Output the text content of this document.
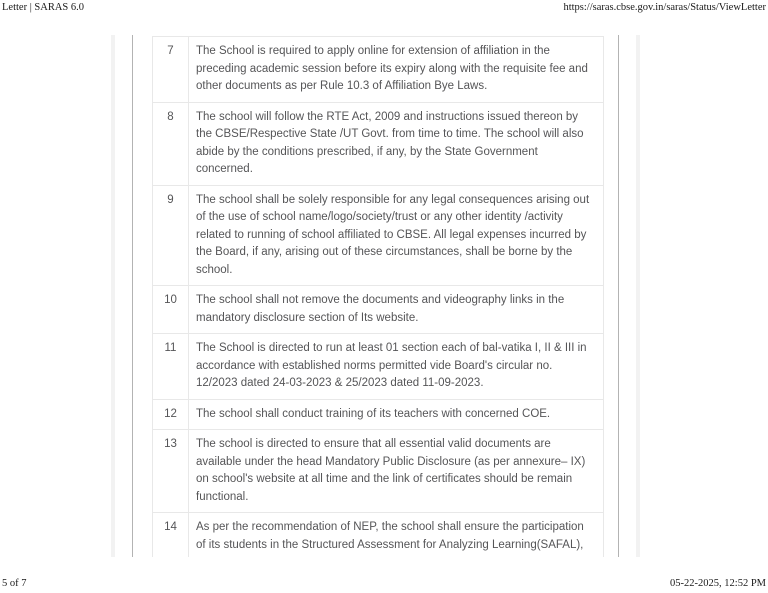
Letter | SARAS 6.0	https://saras.cbse.gov.in/saras/Status/ViewLetter
7	The School is required to apply online for extension of affiliation in the preceding academic session before its expiry along with the requisite fee and other documents as per Rule 10.3 of Affiliation Bye Laws.
8	The school will follow the RTE Act, 2009 and instructions issued thereon by the CBSE/Respective State /UT Govt. from time to time. The school will also abide by the conditions prescribed, if any, by the State Government concerned.
9	The school shall be solely responsible for any legal consequences arising out of the use of school name/logo/society/trust or any other identity /activity related to running of school affiliated to CBSE. All legal expenses incurred by the Board, if any, arising out of these circumstances, shall be borne by the school.
10	The school shall not remove the documents and videography links in the mandatory disclosure section of Its website.
11	The School is directed to run at least 01 section each of bal-vatika I, II & III in accordance with established norms permitted vide Board's circular no. 12/2023 dated 24-03-2023 & 25/2023 dated 11-09-2023.
12	The school shall conduct training of its teachers with concerned COE.
13	The school is directed to ensure that all essential valid documents are available under the head Mandatory Public Disclosure (as per annexure– IX) on school's website at all time and the link of certificates should be remain functional.
14	As per the recommendation of NEP, the school shall ensure the participation of its students in the Structured Assessment for Analyzing Learning(SAFAL),
5 of 7	05-22-2025, 12:52 PM
